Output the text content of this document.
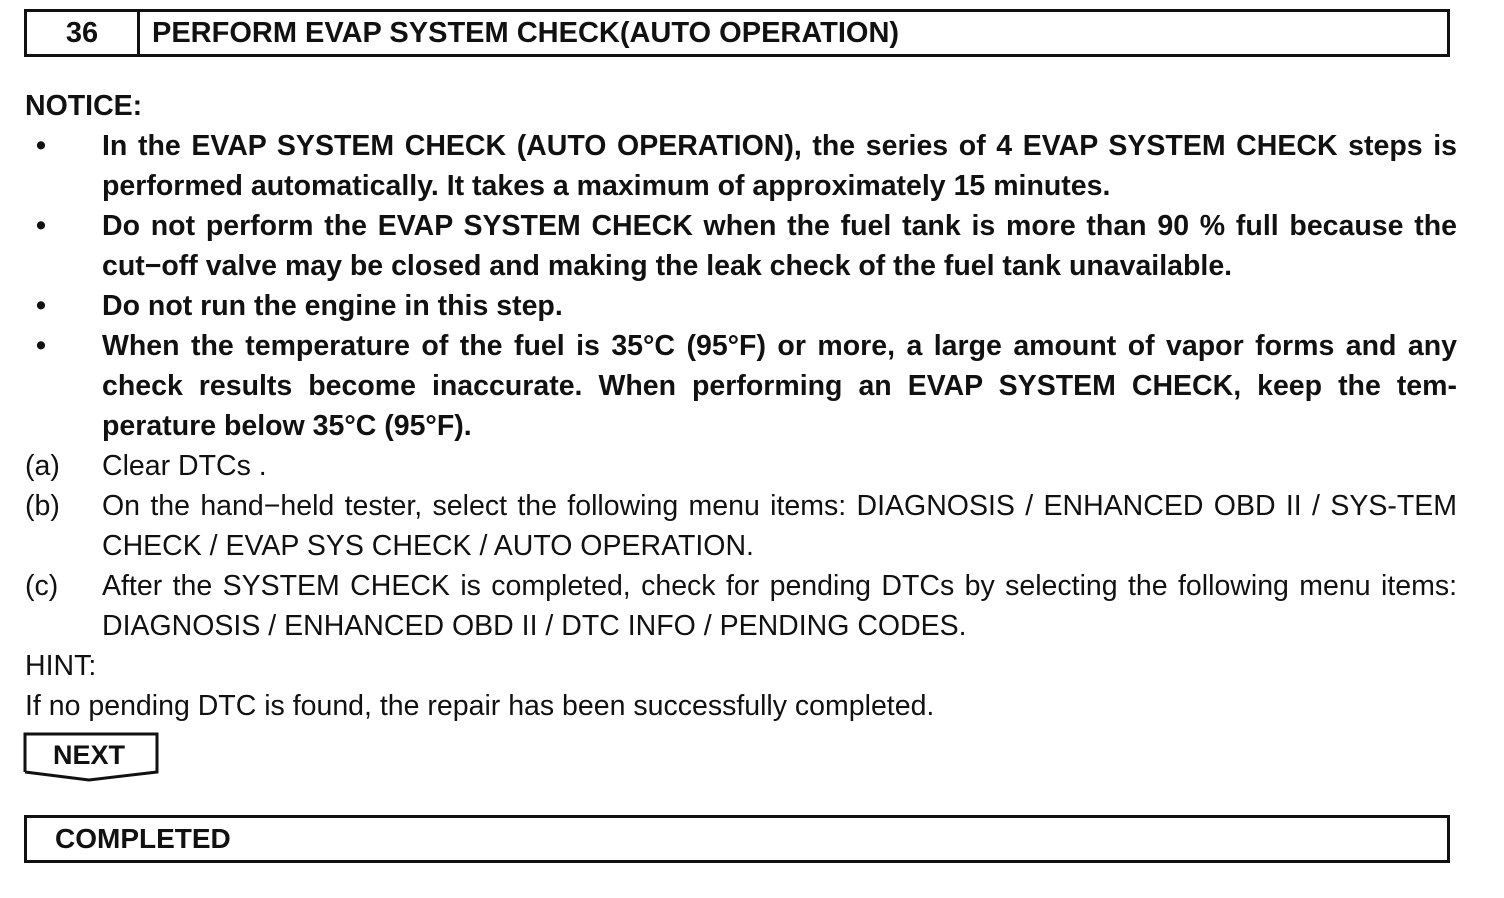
36	PERFORM EVAP SYSTEM CHECK(AUTO OPERATION)
NOTICE:
•	In the EVAP SYSTEM CHECK (AUTO OPERATION), the series of 4 EVAP SYSTEM CHECK steps is performed automatically. It takes a maximum of approximately 15 minutes.
•	Do not perform the EVAP SYSTEM CHECK when the fuel tank is more than 90 % full because the cut−off valve may be closed and making the leak check of the fuel tank unavailable.
•	Do not run the engine in this step.
•	When the temperature of the fuel is 35°C (95°F) or more, a large amount of vapor forms and any check results become inaccurate. When performing an EVAP SYSTEM CHECK, keep the tem-perature below 35°C (95°F).
(a)	Clear DTCs .
(b)	On the hand−held tester, select the following menu items: DIAGNOSIS / ENHANCED OBD II / SYS-TEM CHECK / EVAP SYS CHECK / AUTO OPERATION.
(c)	After the SYSTEM CHECK is completed, check for pending DTCs by selecting the following menu items: DIAGNOSIS / ENHANCED OBD II / DTC INFO / PENDING CODES.
HINT:
If no pending DTC is found, the repair has been successfully completed.
NEXT
COMPLETED
